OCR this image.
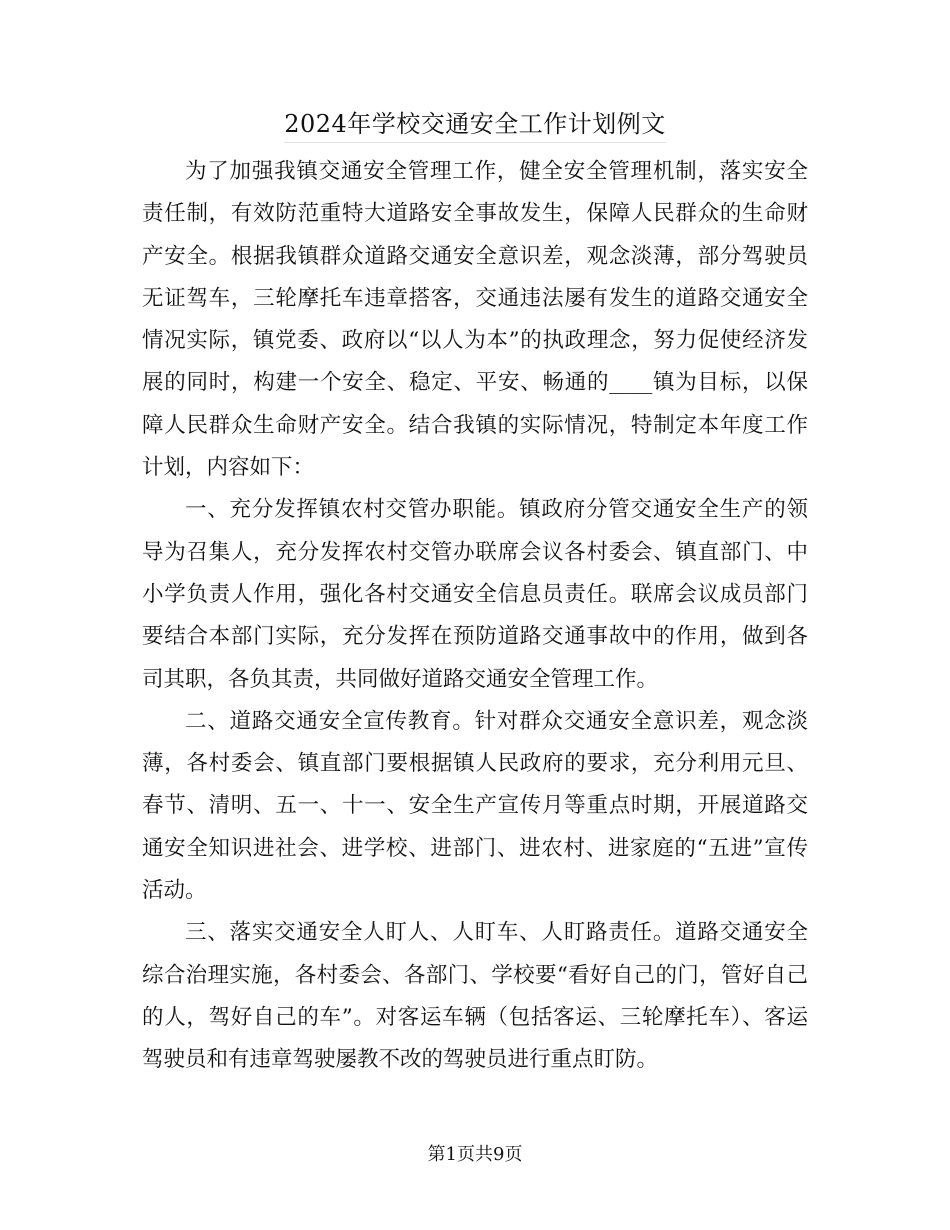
2024年学校交通安全工作计划例文

为了加强我镇交通安全管理工作，健全安全管理机制，落实安全责任制，有效防范重特大道路安全事故发生，保障人民群众的生命财产安全。根据我镇群众道路交通安全意识差，观念淡薄，部分驾驶员无证驾车，三轮摩托车违章搭客，交通违法屡有发生的道路交通安全情况实际，镇党委、政府以“以人为本”的执政理念，努力促使经济发展的同时，构建一个安全、稳定、平安、畅通的____镇为目标，以保障人民群众生命财产安全。结合我镇的实际情况，特制定本年度工作计划，内容如下：

一、充分发挥镇农村交管办职能。镇政府分管交通安全生产的领导为召集人，充分发挥农村交管办联席会议各村委会、镇直部门、中小学负责人作用，强化各村交通安全信息员责任。联席会议成员部门要结合本部门实际，充分发挥在预防道路交通事故中的作用，做到各司其职，各负其责，共同做好道路交通安全管理工作。

二、道路交通安全宣传教育。针对群众交通安全意识差，观念淡薄，各村委会、镇直部门要根据镇人民政府的要求，充分利用元旦、春节、清明、五一、十一、安全生产宣传月等重点时期，开展道路交通安全知识进社会、进学校、进部门、进农村、进家庭的“五进”宣传活动。

三、落实交通安全人盯人、人盯车、人盯路责任。道路交通安全综合治理实施，各村委会、各部门、学校要“看好自己的门，管好自己的人，驾好自己的车”。对客运车辆（包括客运、三轮摩托车）、客运驾驶员和有违章驾驶屡教不改的驾驶员进行重点盯防。

第1页共9页
